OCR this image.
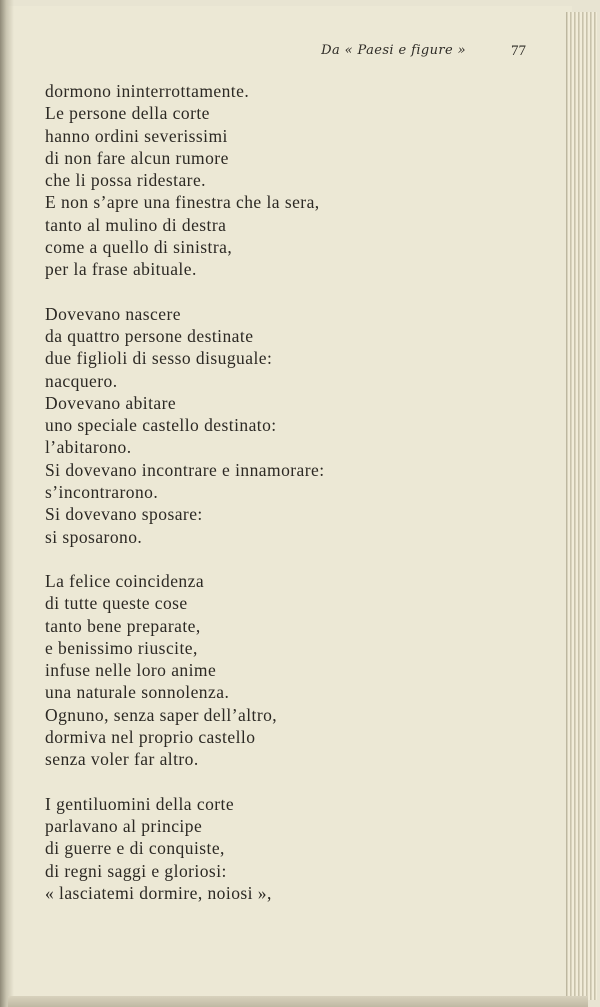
Da « Paesi e figure »	77
dormono ininterrottamente.
Le persone della corte
hanno ordini severissimi
di non fare alcun rumore
che li possa ridestare.
E non s’apre una finestra che la sera,
tanto al mulino di destra
come a quello di sinistra,
per la frase abituale.
Dovevano nascere
da quattro persone destinate
due figlioli di sesso disuguale:
nacquero.
Dovevano abitare
uno speciale castello destinato:
l’abitarono.
Si dovevano incontrare e innamorare:
s’incontrarono.
Si dovevano sposare:
si sposarono.
La felice coincidenza
di tutte queste cose
tanto bene preparate,
e benissimo riuscite,
infuse nelle loro anime
una naturale sonnolenza.
Ognuno, senza saper dell’altro,
dormiva nel proprio castello
senza voler far altro.
I gentiluomini della corte
parlavano al principe
di guerre e di conquiste,
di regni saggi e gloriosi:
« lasciatemi dormire, noiosi »,
